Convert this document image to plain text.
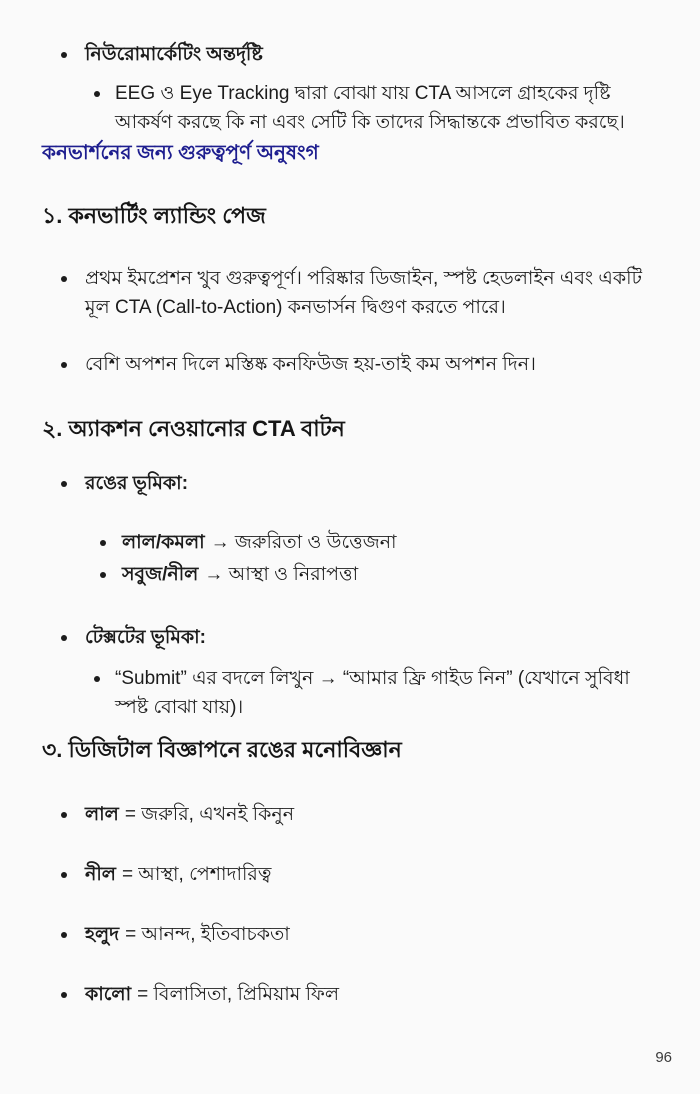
নিউরোমার্কেটিং অন্তর্দৃষ্টি
EEG ও Eye Tracking দ্বারা বোঝা যায় CTA আসলে গ্রাহকের দৃষ্টি আকর্ষণ করছে কি না এবং সেটি কি তাদের সিদ্ধান্তকে প্রভাবিত করছে।
কনভার্শনের জন্য গুরুত্বপূর্ণ অনুষংগ
১. কনভার্টিং ল্যান্ডিং পেজ
প্রথম ইমপ্রেশন খুব গুরুত্বপূর্ণ। পরিষ্কার ডিজাইন, স্পষ্ট হেডলাইন এবং একটি মূল CTA (Call-to-Action) কনভার্সন দ্বিগুণ করতে পারে।
বেশি অপশন দিলে মস্তিষ্ক কনফিউজ হয়-তাই কম অপশন দিন।
২. অ্যাকশন নেওয়ানোর CTA বাটন
রঙের ভূমিকা:
লাল/কমলা → জরুরিতা ও উত্তেজনা
সবুজ/নীল → আস্থা ও নিরাপত্তা
টেক্সটের ভূমিকা:
“Submit” এর বদলে লিখুন → “আমার ফ্রি গাইড নিন” (যেখানে সুবিধা স্পষ্ট বোঝা যায়)।
৩. ডিজিটাল বিজ্ঞাপনে রঙের মনোবিজ্ঞান
লাল = জরুরি, এখনই কিনুন
নীল = আস্থা, পেশাদারিত্ব
হলুদ = আনন্দ, ইতিবাচকতা
কালো = বিলাসিতা, প্রিমিয়াম ফিল
96
